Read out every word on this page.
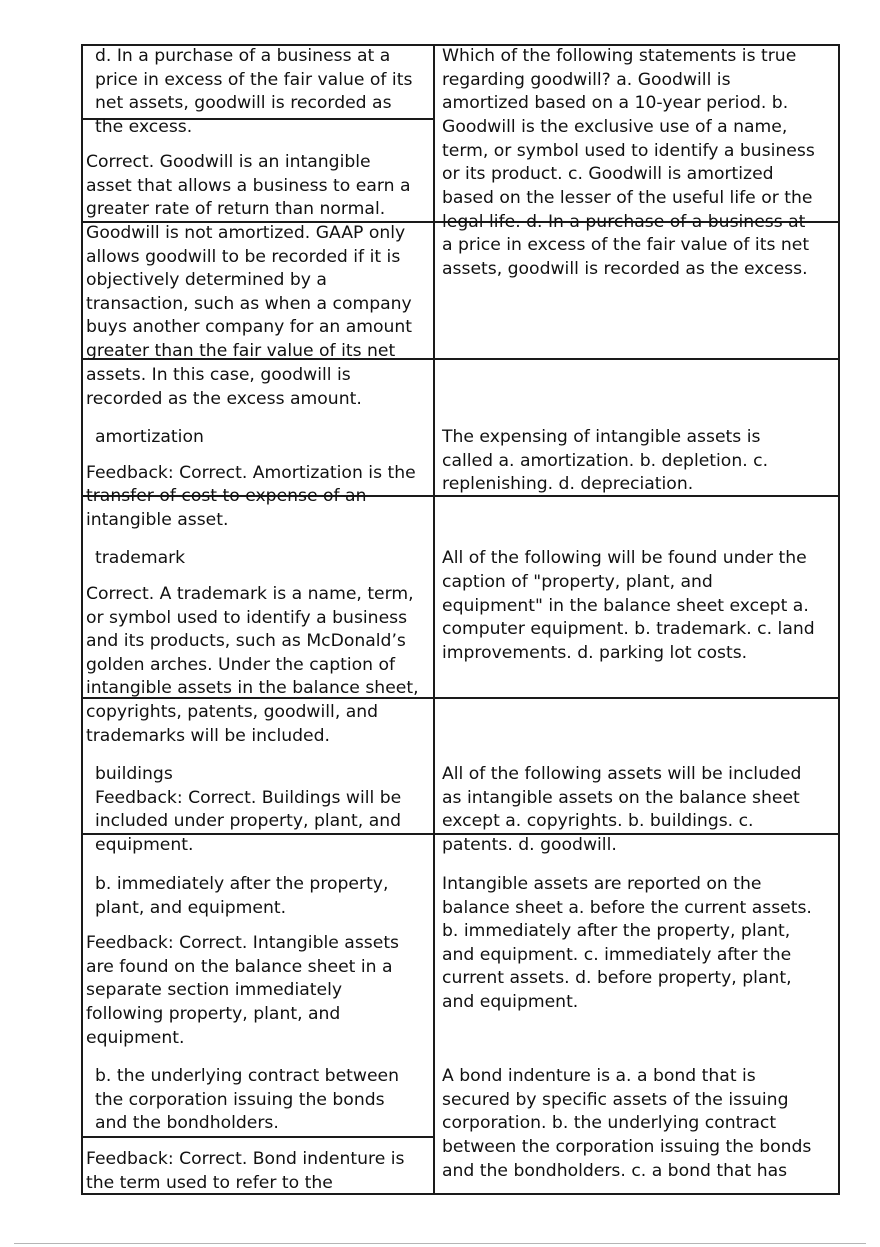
d. In a purchase of a business at a

price in excess of the fair value of its

net assets, goodwill is recorded as

the excess.

Correct. Goodwill is an intangible

asset that allows a business to earn a

greater rate of return than normal.

Goodwill is not amortized. GAAP only

allows goodwill to be recorded if it is

objectively determined by a

transaction, such as when a company

buys another company for an amount

greater than the fair value of its net

assets. In this case, goodwill is

recorded as the excess amount.

amortization

Feedback: Correct. Amortization is the

transfer of cost to expense of an

intangible asset.

trademark

Correct. A trademark is a name, term,

or symbol used to identify a business

and its products, such as McDonald’s

golden arches. Under the caption of

intangible assets in the balance sheet,

copyrights, patents, goodwill, and

trademarks will be included.

buildings

Feedback: Correct. Buildings will be

included under property, plant, and

equipment.

b. immediately after the property,

plant, and equipment.

Feedback: Correct. Intangible assets

are found on the balance sheet in a

separate section immediately

following property, plant, and

equipment.

b. the underlying contract between

the corporation issuing the bonds

and the bondholders.

Feedback: Correct. Bond indenture is

the term used to refer to the

Which of the following statements is true

regarding goodwill? a. Goodwill is

amortized based on a 10-year period. b.

Goodwill is the exclusive use of a name,

term, or symbol used to identify a business

or its product. c. Goodwill is amortized

based on the lesser of the useful life or the

legal life. d. In a purchase of a business at

a price in excess of the fair value of its net

assets, goodwill is recorded as the excess.

The expensing of intangible assets is

called a. amortization. b. depletion. c.

replenishing. d. depreciation.

All of the following will be found under the

caption of "property, plant, and

equipment" in the balance sheet except a.

computer equipment. b. trademark. c. land

improvements. d. parking lot costs.

All of the following assets will be included

as intangible assets on the balance sheet

except a. copyrights. b. buildings. c.

patents. d. goodwill.

Intangible assets are reported on the

balance sheet a. before the current assets.

b. immediately after the property, plant,

and equipment. c. immediately after the

current assets. d. before property, plant,

and equipment.

A bond indenture is a. a bond that is

secured by specific assets of the issuing

corporation. b. the underlying contract

between the corporation issuing the bonds

and the bondholders. c. a bond that has
